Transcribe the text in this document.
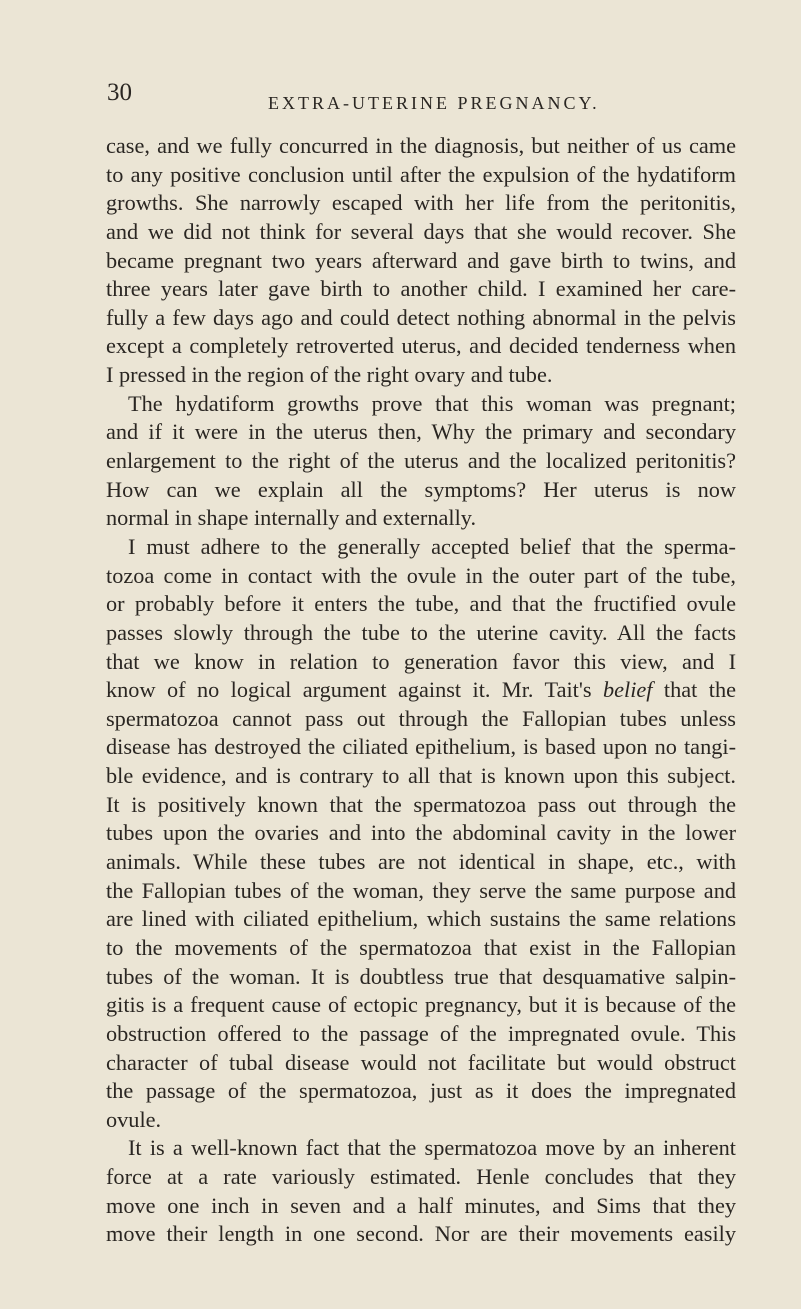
30	EXTRA-UTERINE PREGNANCY.
case, and we fully concurred in the diagnosis, but neither of us came
to any positive conclusion until after the expulsion of the hydatiform
growths. She narrowly escaped with her life from the peritonitis,
and we did not think for several days that she would recover. She
became pregnant two years afterward and gave birth to twins, and
three years later gave birth to another child. I examined her care-
fully a few days ago and could detect nothing abnormal in the pelvis
except a completely retroverted uterus, and decided tenderness when
I pressed in the region of the right ovary and tube.
The hydatiform growths prove that this woman was pregnant;
and if it were in the uterus then, Why the primary and secondary
enlargement to the right of the uterus and the localized peritonitis?
How can we explain all the symptoms? Her uterus is now
normal in shape internally and externally.
I must adhere to the generally accepted belief that the sperma-
tozoa come in contact with the ovule in the outer part of the tube,
or probably before it enters the tube, and that the fructified ovule
passes slowly through the tube to the uterine cavity. All the facts
that we know in relation to generation favor this view, and I
know of no logical argument against it. Mr. Tait's belief that the
spermatozoa cannot pass out through the Fallopian tubes unless
disease has destroyed the ciliated epithelium, is based upon no tangi-
ble evidence, and is contrary to all that is known upon this subject.
It is positively known that the spermatozoa pass out through the
tubes upon the ovaries and into the abdominal cavity in the lower
animals. While these tubes are not identical in shape, etc., with
the Fallopian tubes of the woman, they serve the same purpose and
are lined with ciliated epithelium, which sustains the same relations
to the movements of the spermatozoa that exist in the Fallopian
tubes of the woman. It is doubtless true that desquamative salpin-
gitis is a frequent cause of ectopic pregnancy, but it is because of the
obstruction offered to the passage of the impregnated ovule. This
character of tubal disease would not facilitate but would obstruct
the passage of the spermatozoa, just as it does the impregnated
ovule.
It is a well-known fact that the spermatozoa move by an inherent
force at a rate variously estimated. Henle concludes that they
move one inch in seven and a half minutes, and Sims that they
move their length in one second. Nor are their movements easily
